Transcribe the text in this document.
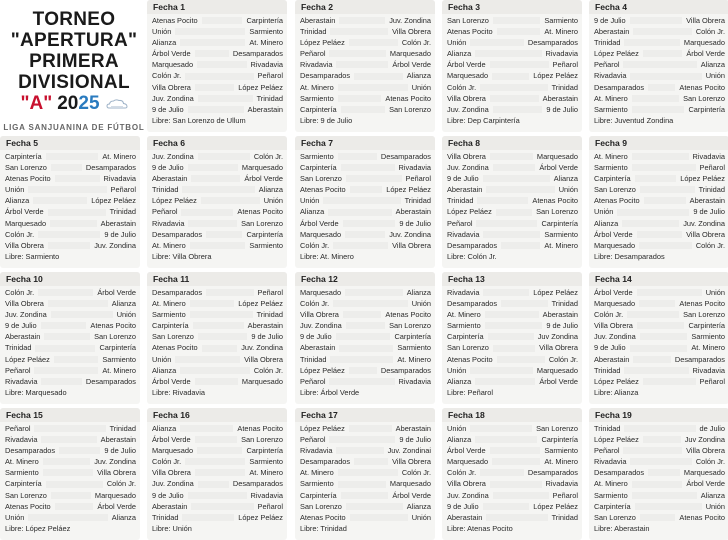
TORNEO
"APERTURA"
PRIMERA
DIVISIONAL
"A" 2025
LIGA SANJUANINA DE FÚTBOL
Fecha 1
Atenas Pocito	Carpintería
Unión	Sarmiento
Alianza	At. Minero
Árbol Verde	Desamparados
Marquesado	Rivadavia
Colón Jr.	Peñarol
Villa Obrera	López Peláez
Juv. Zondina	Trinidad
9 de Julio	Aberastain
Libre: San Lorenzo de Ullum
Fecha 2
Aberastain	Juv. Zondina
Trinidad	Villa Obrera
López Peláez	Colón Jr.
Peñarol	Marquesado
Rivadavia	Árbol Verde
Desamparados	Alianza
At. Minero	Unión
Sarmiento	Atenas Pocito
Carpintería	San Lorenzo
Libre: 9 de Julio
Fecha 3
San Lorenzo	Sarmiento
Atenas Pocito	At. Minero
Unión	Desamparados
Alianza	Rivadavia
Árbol Verde	Peñarol
Marquesado	López Peláez
Colón Jr.	Trinidad
Villa Obrera	Aberastain
Juv. Zondina	9 de Julio
Libre: Dep Carpintería
Fecha 4
9 de Julio	Villa Obrera
Aberastain	Colón Jr.
Trinidad	Marquesado
López Peláez	Árbol Verde
Peñarol	Alianza
Rivadavia	Unión
Desamparados	Atenas Pocito
At. Minero	San Lorenzo
Sarmiento	Carpintería
Libre: Juventud Zondina
Fecha 5
Carpintería	At. Minero
San Lorenzo	Desamparados
Atenas Pocito	Rivadavia
Unión	Peñarol
Alianza	López Peláez
Árbol Verde	Trinidad
Marquesado	Aberastain
Colón Jr.	9 de Julio
Villa Obrera	Juv. Zondina
Libre: Sarmiento
Fecha 6
Juv. Zondina	Colón Jr.
9 de Julio	Marquesado
Aberastain	Árbol Verde
Trinidad	Alianza
López Peláez	Unión
Peñarol	Atenas Pocito
Rivadavia	San Lorenzo
Desamparados	Carpintería
At. Minero	Sarmiento
Libre: Villa Obrera
Fecha 7
Sarmiento	Desamparados
Carpintería	Rivadavia
San Lorenzo	Peñarol
Atenas Pocito	López Peláez
Unión	Trinidad
Alianza	Aberastain
Árbol Verde	9 de Julio
Marquesado	Juv. Zondina
Colón Jr.	Villa Obrera
Libre: At. Minero
Fecha 8
Villa Obrera	Marquesado
Juv. Zondina	Árbol Verde
9 de Julio	Alianza
Aberastain	Unión
Trinidad	Atenas Pocito
López Peláez	San Lorenzo
Peñarol	Carpintería
Rivadavia	Sarmiento
Desamparados	At. Minero
Libre: Colón Jr.
Fecha 9
At. Minero	Rivadavia
Sarmiento	Peñarol
Carpintería	López Peláez
San Lorenzo	Trinidad
Atenas Pocito	Aberastain
Unión	9 de Julio
Alianza	Juv. Zondina
Árbol Verde	Villa Obrera
Marquesado	Colón Jr.
Libre: Desamparados
Fecha 10
Colón Jr.	Árbol Verde
Villa Obrera	Alianza
Juv. Zondina	Unión
9 de Julio	Atenas Pocito
Aberastain	San Lorenzo
Trinidad	Carpintería
López Peláez	Sarmiento
Peñarol	At. Minero
Rivadavia	Desamparados
Libre: Marquesado
Fecha 11
Desamparados	Peñarol
At. Minero	López Peláez
Sarmiento	Trinidad
Carpintería	Aberastain
San Lorenzo	9 de Julio
Atenas Pocito	Juv. Zondina
Unión	Villa Obrera
Alianza	Colón Jr.
Árbol Verde	Marquesado
Libre: Rivadavia
Fecha 12
Marquesado	Alianza
Colón Jr.	Unión
Villa Obrera	Atenas Pocito
Juv. Zondina	San Lorenzo
9 de Julio	Carpintería
Aberastain	Sarmiento
Trinidad	At. Minero
López Peláez	Desamparados
Peñarol	Rivadavia
Libre: Árbol Verde
Fecha 13
Rivadavia	López Peláez
Desamparados	Trinidad
At. Minero	Aberastain
Sarmiento	9 de Julio
Carpintería	Juv Zondina
San Lorenzo	Villa Obrera
Atenas Pocito	Colón Jr.
Unión	Marquesado
Alianza	Árbol Verde
Libre: Peñarol
Fecha 14
Árbol Verde	Unión
Marquesado	Atenas Pocito
Colón Jr.	San Lorenzo
Villa Obrera	Carpintería
Juv. Zondina	Sarmiento
9 de Julio	At. Minero
Aberastain	Desamparados
Trinidad	Rivadavia
López Peláez	Peñarol
Libre: Alianza
Fecha 15
Peñarol	Trinidad
Rivadavia	Aberastain
Desamparados	9 de Julio
At. Minero	Juv. Zondina
Sarmiento	Villa Obrera
Carpintería	Colón Jr.
San Lorenzo	Marquesado
Atenas Pocito	Árbol Verde
Unión	Alianza
Libre: López Peláez
Fecha 16
Alianza	Atenas Pocito
Árbol Verde	San Lorenzo
Marquesado	Carpintería
Colón Jr.	Sarmiento
Villa Obrera	At. Minero
Juv. Zondina	Desamparados
9 de Julio	Rivadavia
Aberastain	Peñarol
Trinidad	López Peláez
Libre: Unión
Fecha 17
López Peláez	Aberastain
Peñarol	9 de Julio
Rivadavia	Juv. Zondinai
Desamparados	Villa Obrera
At. Minero	Colón Jr.
Sarmiento	Marquesado
Carpintería	Árbol Verde
San Lorenzo	Alianza
Atenas Pocito	Unión
Libre: Trinidad
Fecha 18
Unión	San Lorenzo
Alianza	Carpintería
Árbol Verde	Sarmiento
Marquesado	At. Minero
Colón Jr.	Desamparados
Villa Obrera	Rivadavia
Juv. Zondina	Peñarol
9 de Julio	López Peláez
Aberastain	Trinidad
Libre: Atenas Pocito
Fecha 19
Trinidad	de Julio
López Peláez	Juv Zondina
Peñarol	Villa Obrera
Rivadavia	Colón Jr.
Desamparados	Marquesado
At. Minero	Árbol Verde
Sarmiento	Alianza
Carpintería	Unión
San Lorenzo	Atenas Pocito
Libre: Aberastain
